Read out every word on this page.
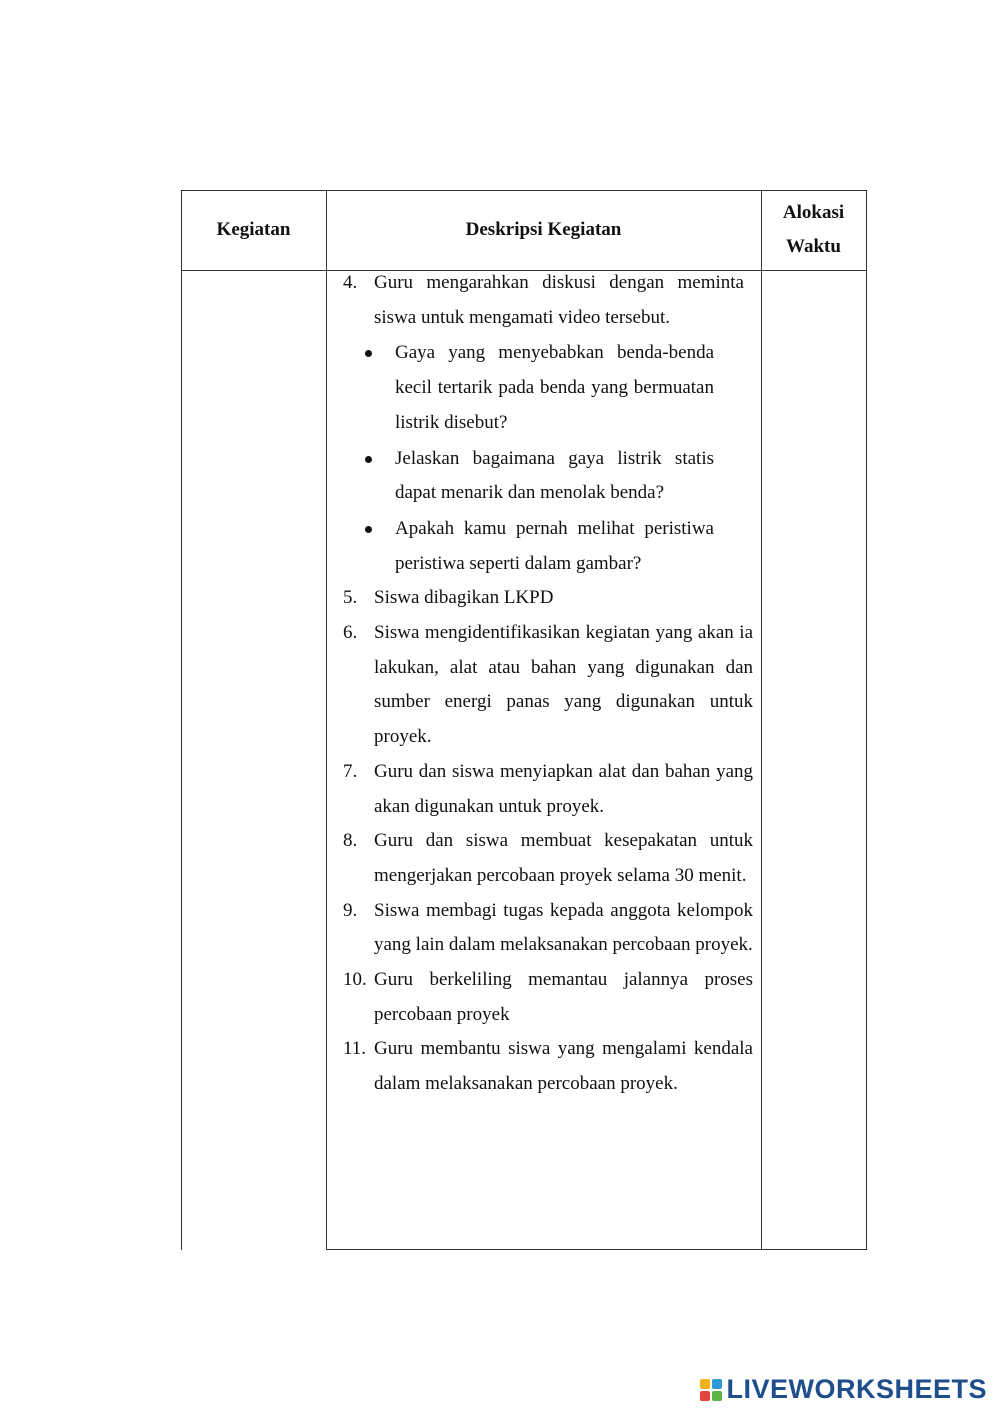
Kegiatan	Deskripsi Kegiatan
Alokasi
Waktu
4. Guru mengarahkan diskusi dengan meminta siswa untuk mengamati video tersebut.
Gaya yang menyebabkan benda-benda kecil tertarik pada benda yang bermuatan listrik disebut?
Jelaskan bagaimana gaya listrik statis dapat menarik dan menolak benda?
Apakah kamu pernah melihat peristiwa peristiwa seperti dalam gambar?
5. Siswa dibagikan LKPD
6. Siswa mengidentifikasikan kegiatan yang akan ia lakukan, alat atau bahan yang digunakan dan sumber energi panas yang digunakan untuk proyek.
7. Guru dan siswa menyiapkan alat dan bahan yang akan digunakan untuk proyek.
8. Guru dan siswa membuat kesepakatan untuk mengerjakan percobaan proyek selama 30 menit.
9. Siswa membagi tugas kepada anggota kelompok yang lain dalam melaksanakan percobaan proyek.
10. Guru berkeliling memantau jalannya proses percobaan proyek
11. Guru membantu siswa yang mengalami kendala dalam melaksanakan percobaan proyek.
LIVEWORKSHEETS
